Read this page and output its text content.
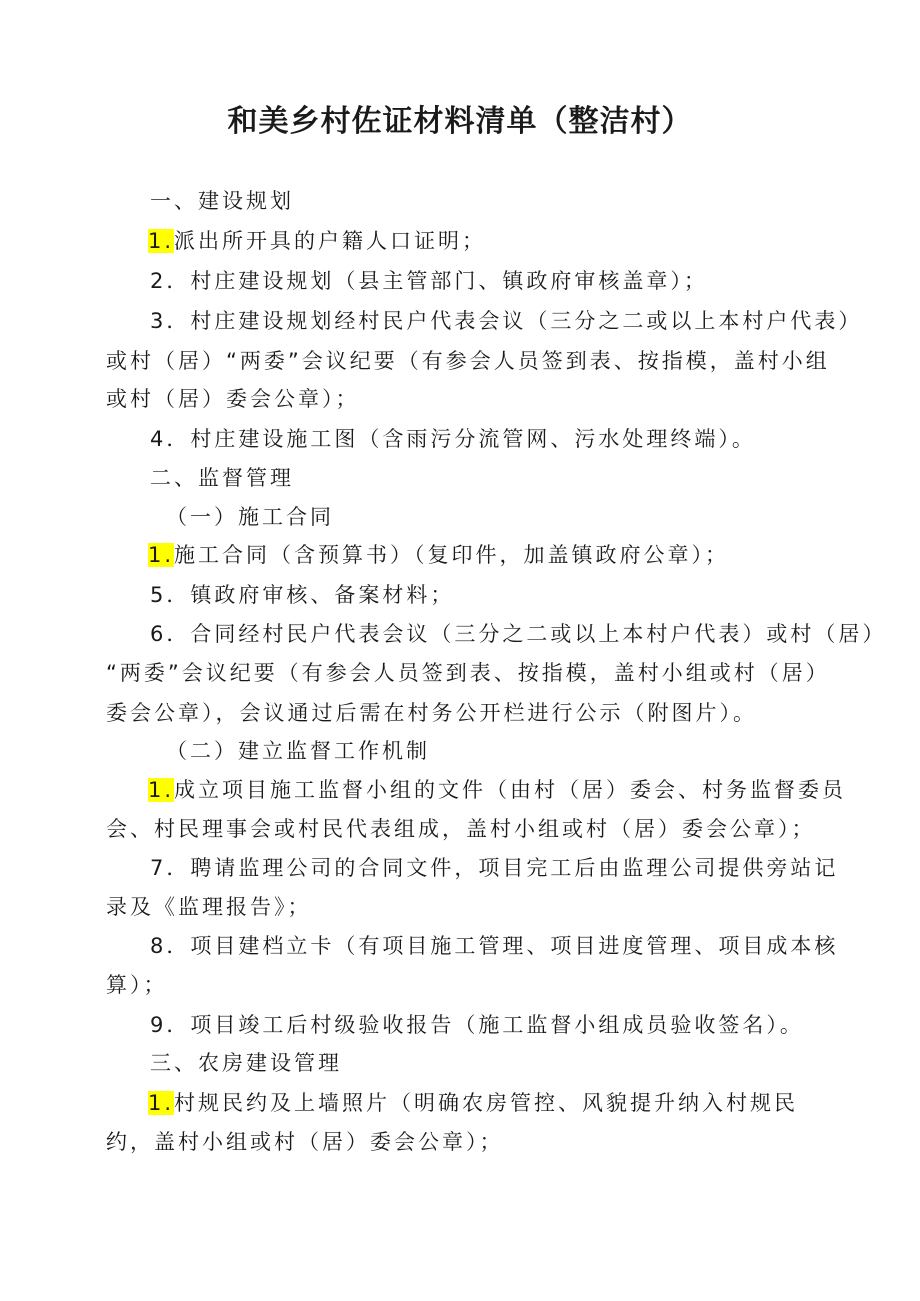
和美乡村佐证材料清单（整洁村）
一、建设规划
1.派出所开具的户籍人口证明；
2．村庄建设规划（县主管部门、镇政府审核盖章）；
3．村庄建设规划经村民户代表会议（三分之二或以上本村户代表）
或村（居）“两委”会议纪要（有参会人员签到表、按指模，盖村小组
或村（居）委会公章）；
4．村庄建设施工图（含雨污分流管网、污水处理终端）。
二、监督管理
（一）施工合同
1.施工合同（含预算书）（复印件，加盖镇政府公章）；
5．镇政府审核、备案材料；
6．合同经村民户代表会议（三分之二或以上本村户代表）或村（居）
“两委”会议纪要（有参会人员签到表、按指模，盖村小组或村（居）
委会公章），会议通过后需在村务公开栏进行公示（附图片）。
（二）建立监督工作机制
1.成立项目施工监督小组的文件（由村（居）委会、村务监督委员
会、村民理事会或村民代表组成，盖村小组或村（居）委会公章）；
7．聘请监理公司的合同文件，项目完工后由监理公司提供旁站记
录及《监理报告》；
8．项目建档立卡（有项目施工管理、项目进度管理、项目成本核
算）；
9．项目竣工后村级验收报告（施工监督小组成员验收签名）。
三、农房建设管理
1.村规民约及上墙照片（明确农房管控、风貌提升纳入村规民
约，盖村小组或村（居）委会公章）；
